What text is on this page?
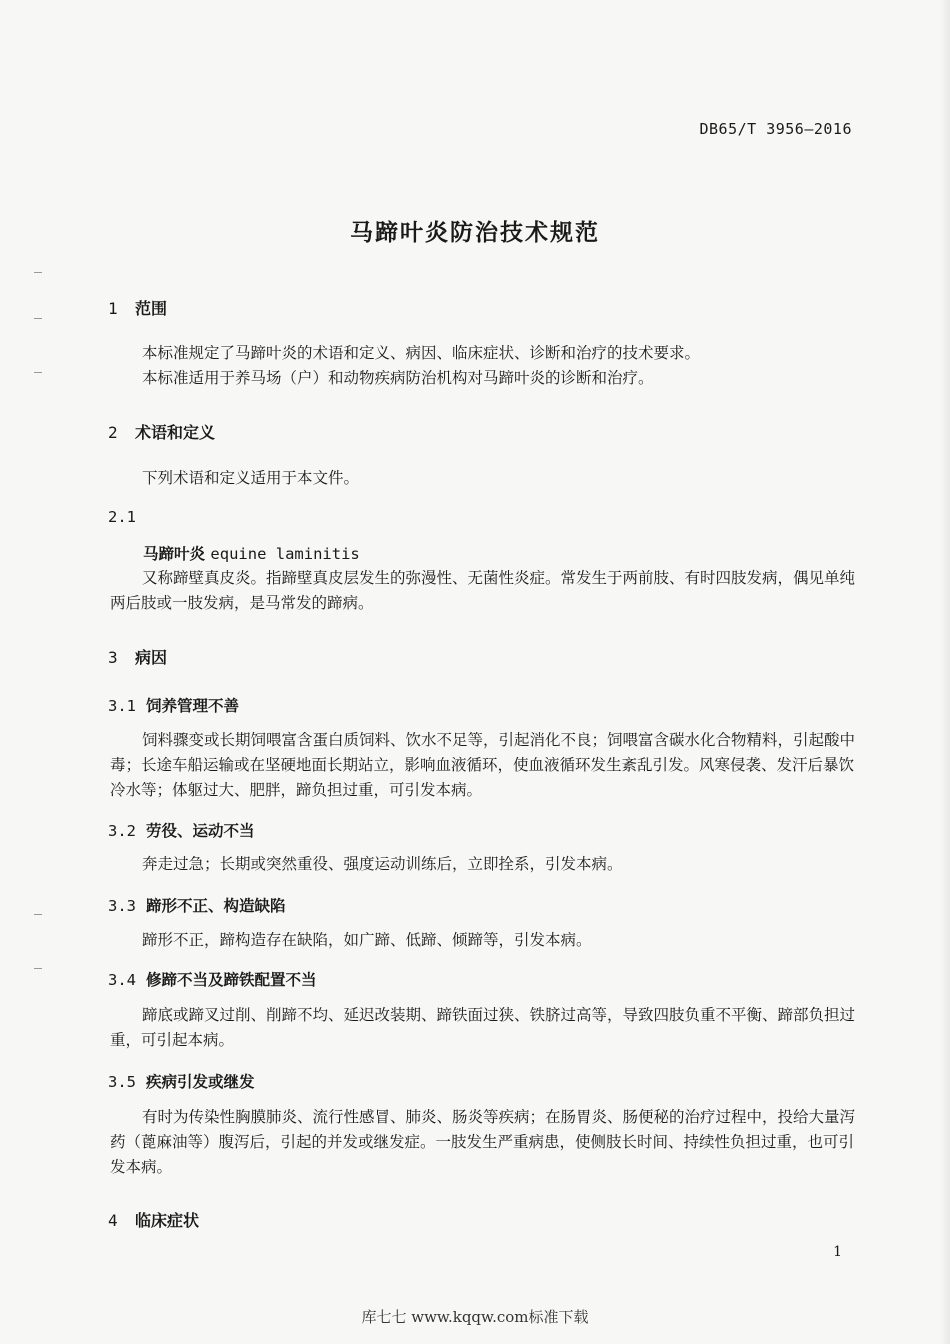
DB65/T 3956—2016
马蹄叶炎防治技术规范
1 范围

本标准规定了马蹄叶炎的术语和定义、病因、临床症状、诊断和治疗的技术要求。

本标准适用于养马场（户）和动物疾病防治机构对马蹄叶炎的诊断和治疗。

2 术语和定义

下列术语和定义适用于本文件。

2.1
马蹄叶炎 equine laminitis

又称蹄壁真皮炎。指蹄壁真皮层发生的弥漫性、无菌性炎症。常发生于两前肢、有时四肢发病，偶见单纯两后肢或一肢发病，是马常发的蹄病。

3 病因
3.1 饲养管理不善

饲料骤变或长期饲喂富含蛋白质饲料、饮水不足等，引起消化不良；饲喂富含碳水化合物精料，引起酸中毒；长途车船运输或在坚硬地面长期站立，影响血液循环，使血液循环发生紊乱引发。风寒侵袭、发汗后暴饮冷水等；体躯过大、肥胖，蹄负担过重，可引发本病。

3.2 劳役、运动不当

奔走过急；长期或突然重役、强度运动训练后，立即拴系，引发本病。

3.3 蹄形不正、构造缺陷

蹄形不正，蹄构造存在缺陷，如广蹄、低蹄、倾蹄等，引发本病。

3.4 修蹄不当及蹄铁配置不当

蹄底或蹄叉过削、削蹄不均、延迟改装期、蹄铁面过狭、铁脐过高等，导致四肢负重不平衡、蹄部负担过重，可引起本病。

3.5 疾病引发或继发

有时为传染性胸膜肺炎、流行性感冒、肺炎、肠炎等疾病；在肠胃炎、肠便秘的治疗过程中，投给大量泻药（蓖麻油等）腹泻后，引起的并发或继发症。一肢发生严重病患，使侧肢长时间、持续性负担过重，也可引发本病。

4 临床症状
1
库七七 www.kqqw.com标准下载
